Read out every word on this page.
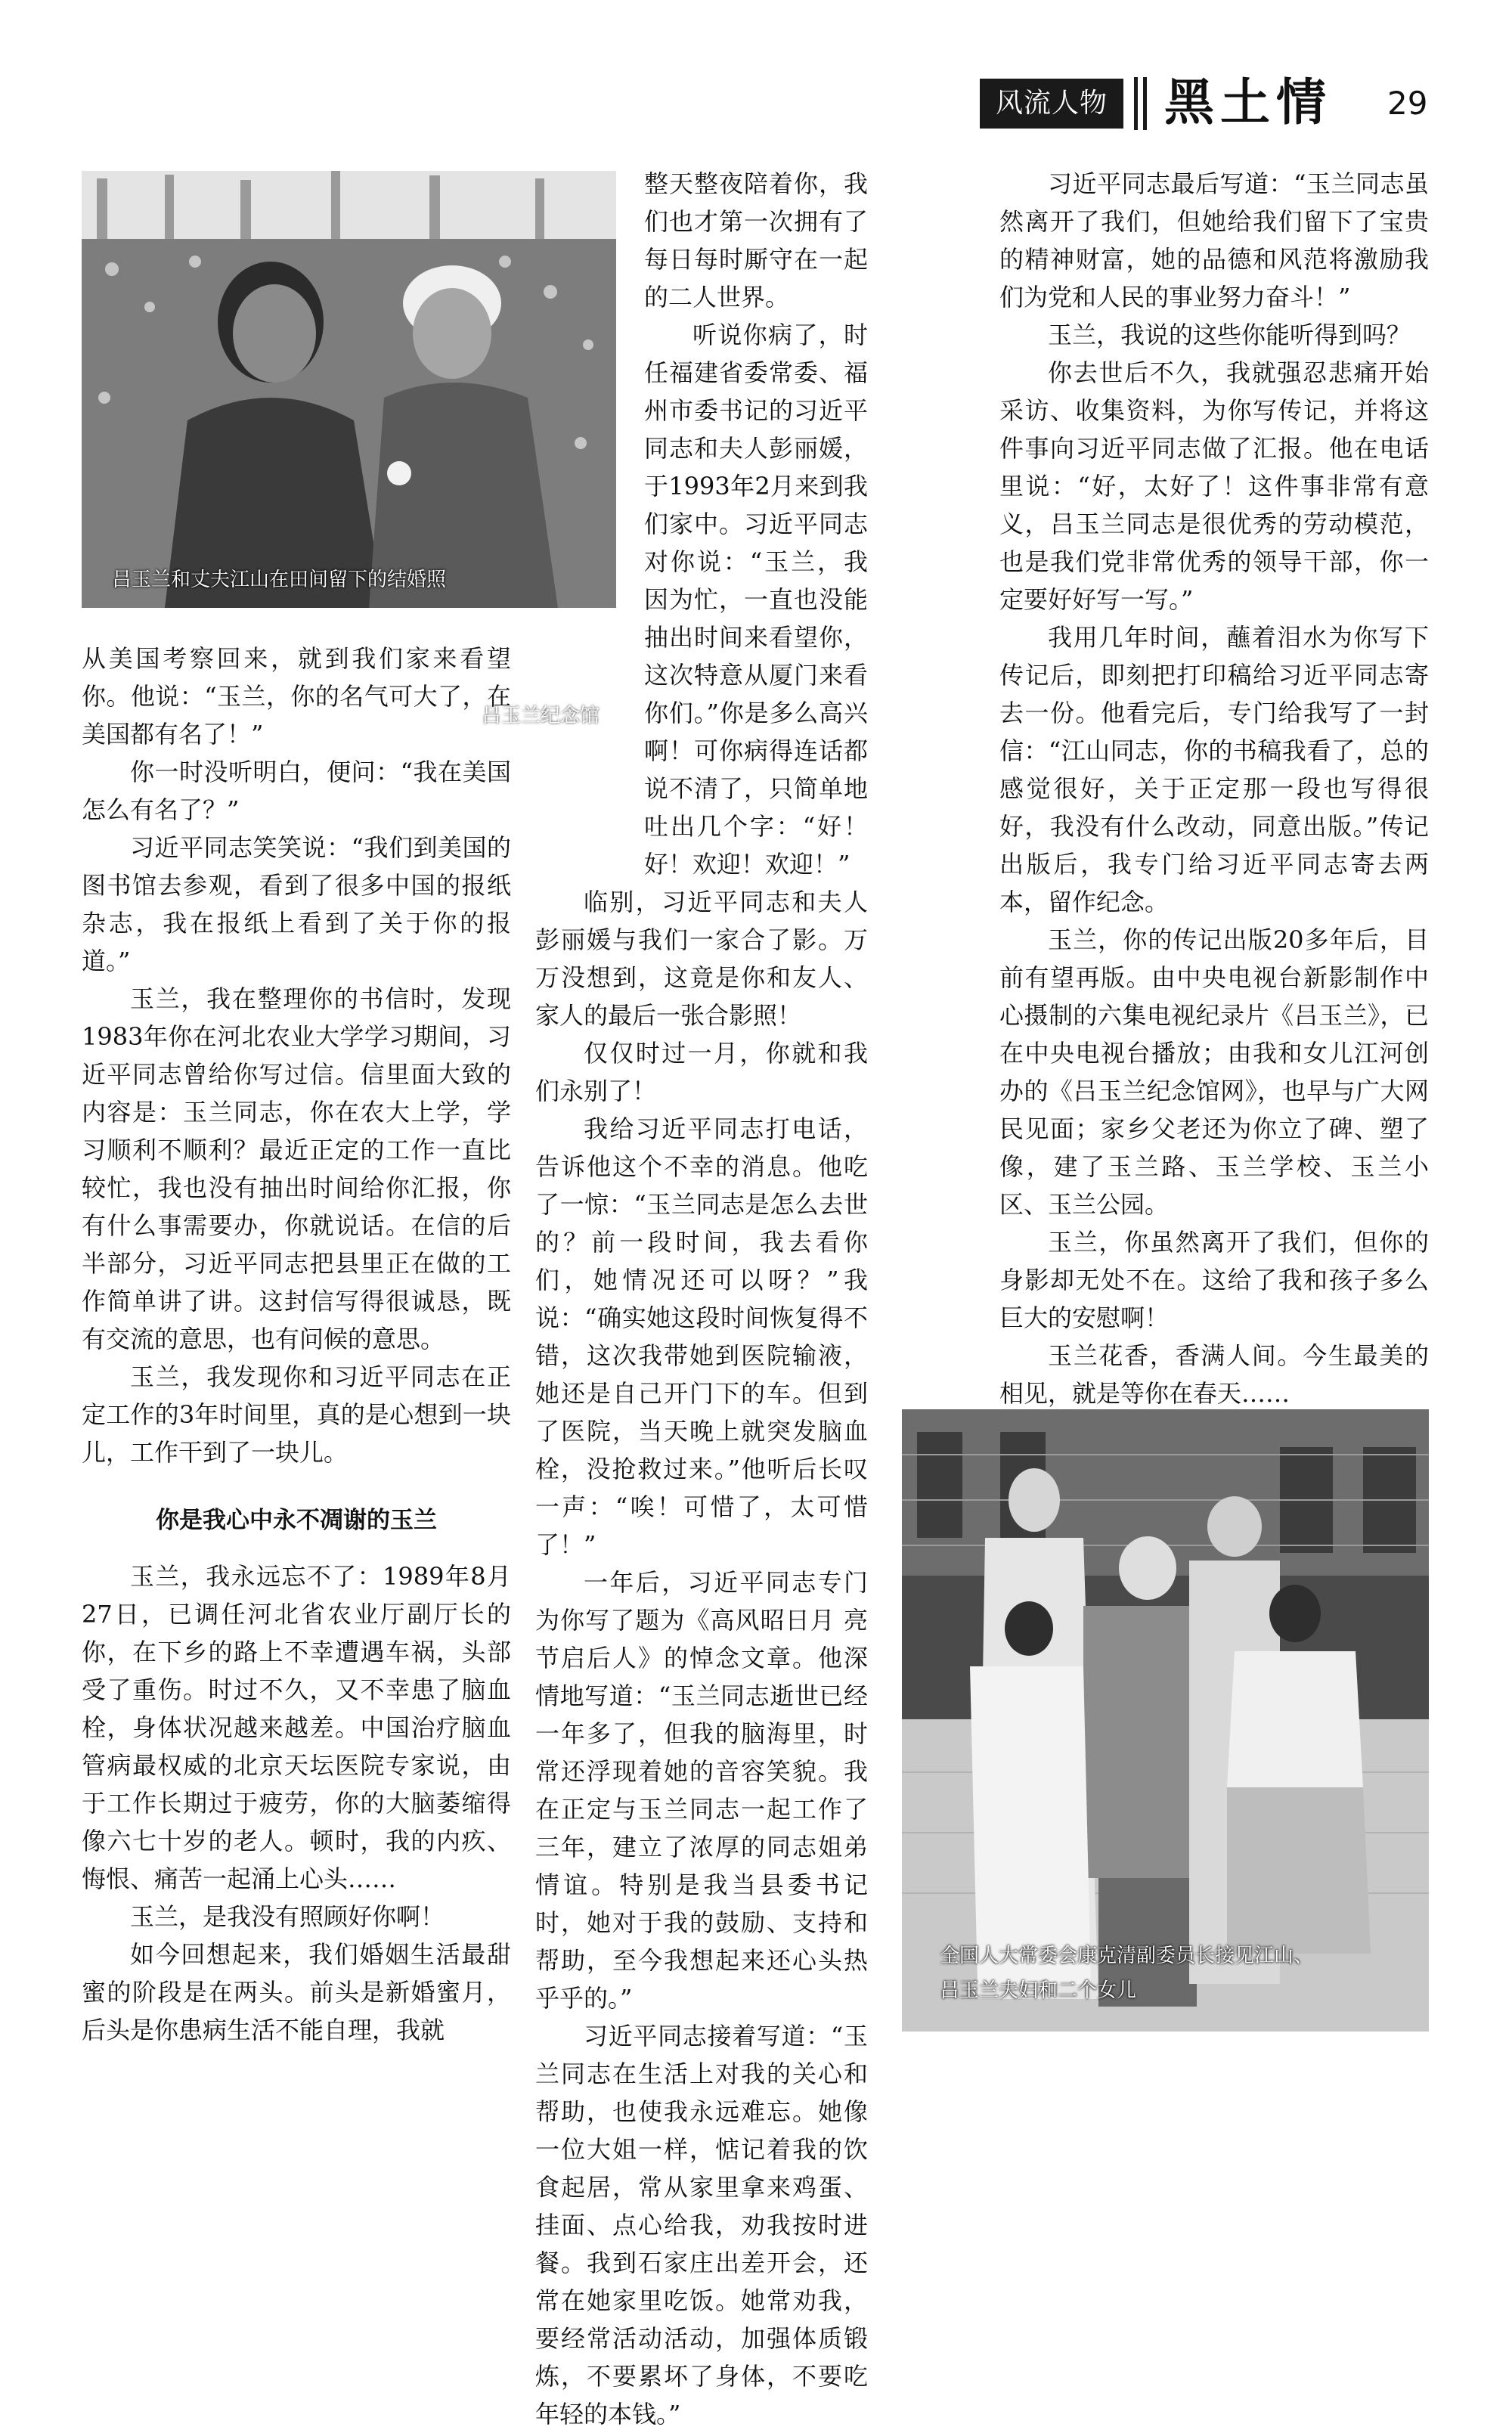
风流人物	黑土情	29
吕玉兰纪念馆
吕玉兰和丈夫江山在田间留下的结婚照

从美国考察回来，就到我们家来看望你。他说：“玉兰，你的名气可大了，在美国都有名了！”

你一时没听明白，便问：“我在美国怎么有名了？”

习近平同志笑笑说：“我们到美国的图书馆去参观，看到了很多中国的报纸杂志，我在报纸上看到了关于你的报道。”

玉兰，我在整理你的书信时，发现1983年你在河北农业大学学习期间，习近平同志曾给你写过信。信里面大致的内容是：玉兰同志，你在农大上学，学习顺利不顺利？最近正定的工作一直比较忙，我也没有抽出时间给你汇报，你有什么事需要办，你就说话。在信的后半部分，习近平同志把县里正在做的工作简单讲了讲。这封信写得很诚恳，既有交流的意思，也有问候的意思。

玉兰，我发现你和习近平同志在正定工作的3年时间里，真的是心想到一块儿，工作干到了一块儿。

你是我心中永不凋谢的玉兰

玉兰，我永远忘不了：1989年8月27日，已调任河北省农业厅副厅长的你，在下乡的路上不幸遭遇车祸，头部受了重伤。时过不久，又不幸患了脑血栓，身体状况越来越差。中国治疗脑血管病最权威的北京天坛医院专家说，由于工作长期过于疲劳，你的大脑萎缩得像六七十岁的老人。顿时，我的内疚、悔恨、痛苦一起涌上心头……

玉兰，是我没有照顾好你啊！

如今回想起来，我们婚姻生活最甜蜜的阶段是在两头。前头是新婚蜜月，后头是你患病生活不能自理，我就

整天整夜陪着你，我们也才第一次拥有了每日每时厮守在一起的二人世界。

听说你病了，时任福建省委常委、福州市委书记的习近平同志和夫人彭丽媛，于1993年2月来到我们家中。习近平同志对你说：“玉兰，我因为忙，一直也没能抽出时间来看望你，这次特意从厦门来看你们。”你是多么高兴啊！可你病得连话都说不清了，只简单地吐出几个字：“好！好！欢迎！欢迎！”

临别，习近平同志和夫人彭丽媛与我们一家合了影。万万没想到，这竟是你和友人、家人的最后一张合影照！

仅仅时过一月，你就和我们永别了！

我给习近平同志打电话，告诉他这个不幸的消息。他吃了一惊：“玉兰同志是怎么去世的？前一段时间，我去看你们，她情况还可以呀？”我说：“确实她这段时间恢复得不错，这次我带她到医院输液，她还是自己开门下的车。但到了医院，当天晚上就突发脑血栓，没抢救过来。”他听后长叹一声：“唉！可惜了，太可惜了！”

一年后，习近平同志专门为你写了题为《高风昭日月 亮节启后人》的悼念文章。他深情地写道：“玉兰同志逝世已经一年多了，但我的脑海里，时常还浮现着她的音容笑貌。我在正定与玉兰同志一起工作了三年，建立了浓厚的同志姐弟情谊。特别是我当县委书记时，她对于我的鼓励、支持和帮助，至今我想起来还心头热乎乎的。”

习近平同志接着写道：“玉兰同志在生活上对我的关心和帮助，也使我永远难忘。她像一位大姐一样，惦记着我的饮食起居，常从家里拿来鸡蛋、挂面、点心给我，劝我按时进餐。我到石家庄出差开会，还常在她家里吃饭。她常劝我，要经常活动活动，加强体质锻炼，不要累坏了身体，不要吃年轻的本钱。”

习近平同志最后写道：“玉兰同志虽然离开了我们，但她给我们留下了宝贵的精神财富，她的品德和风范将激励我们为党和人民的事业努力奋斗！”

玉兰，我说的这些你能听得到吗？

你去世后不久，我就强忍悲痛开始采访、收集资料，为你写传记，并将这件事向习近平同志做了汇报。他在电话里说：“好，太好了！这件事非常有意义，吕玉兰同志是很优秀的劳动模范，也是我们党非常优秀的领导干部，你一定要好好写一写。”

我用几年时间，蘸着泪水为你写下传记后，即刻把打印稿给习近平同志寄去一份。他看完后，专门给我写了一封信：“江山同志，你的书稿我看了，总的感觉很好，关于正定那一段也写得很好，我没有什么改动，同意出版。”传记出版后，我专门给习近平同志寄去两本，留作纪念。

玉兰，你的传记出版20多年后，目前有望再版。由中央电视台新影制作中心摄制的六集电视纪录片《吕玉兰》，已在中央电视台播放；由我和女儿江河创办的《吕玉兰纪念馆网》，也早与广大网民见面；家乡父老还为你立了碑、塑了像，建了玉兰路、玉兰学校、玉兰小区、玉兰公园。

玉兰，你虽然离开了我们，但你的身影却无处不在。这给了我和孩子多么巨大的安慰啊！

玉兰花香，香满人间。今生最美的相见，就是等你在春天……

全国人大常委会康克清副委员长接见江山、
吕玉兰夫妇和二个女儿
